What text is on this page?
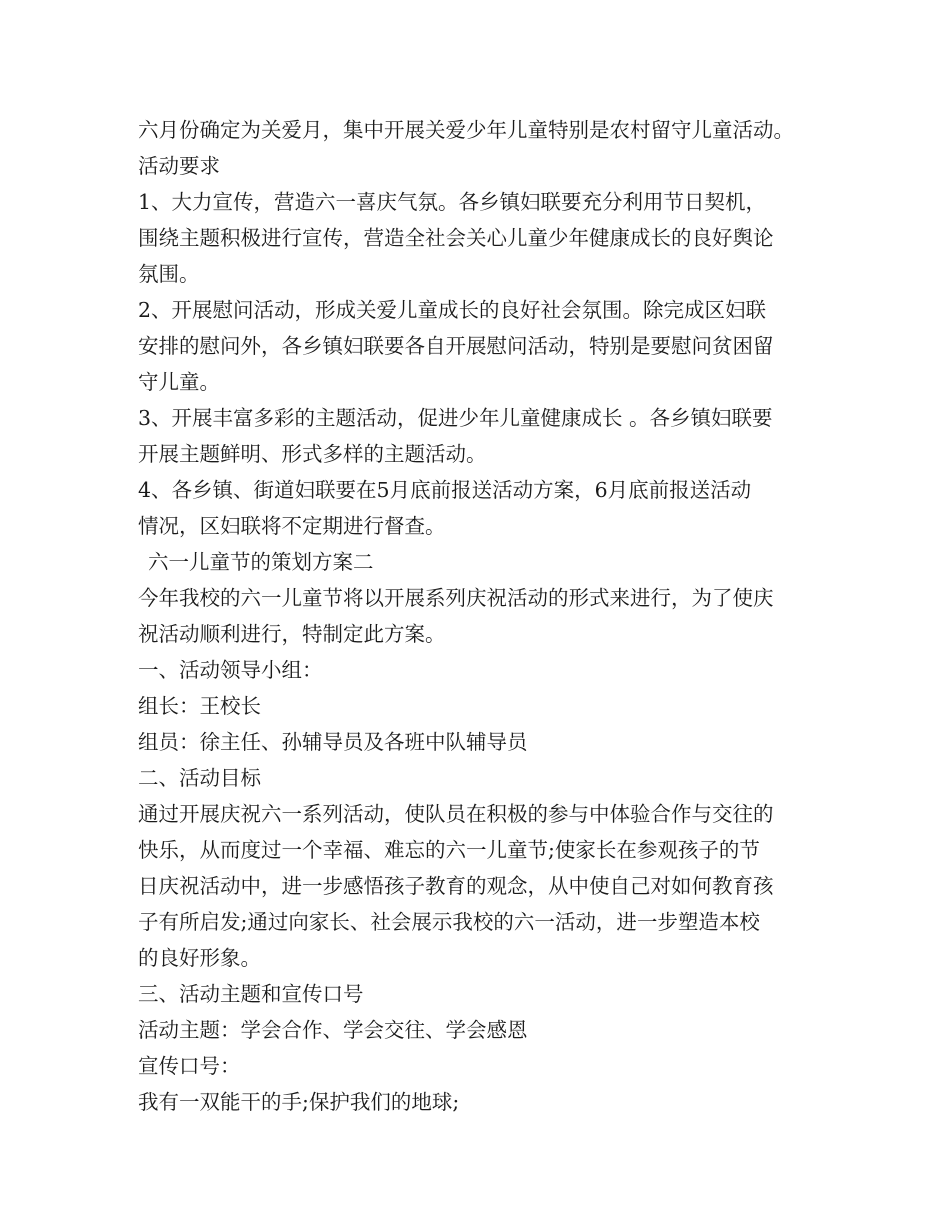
六月份确定为关爱月，集中开展关爱少年儿童特别是农村留守儿童活动。
活动要求
1、大力宣传，营造六一喜庆气氛。各乡镇妇联要充分利用节日契机，
围绕主题积极进行宣传，营造全社会关心儿童少年健康成长的良好舆论
氛围。
2、开展慰问活动，形成关爱儿童成长的良好社会氛围。除完成区妇联
安排的慰问外，各乡镇妇联要各自开展慰问活动，特别是要慰问贫困留
守儿童。
3、开展丰富多彩的主题活动，促进少年儿童健康成长 。各乡镇妇联要
开展主题鲜明、形式多样的主题活动。
4、各乡镇、街道妇联要在5月底前报送活动方案，6月底前报送活动
情况，区妇联将不定期进行督查。
六一儿童节的策划方案二
今年我校的六一儿童节将以开展系列庆祝活动的形式来进行，为了使庆
祝活动顺利进行，特制定此方案。
一、活动领导小组：
组长：王校长
组员：徐主任、孙辅导员及各班中队辅导员
二、活动目标
通过开展庆祝六一系列活动，使队员在积极的参与中体验合作与交往的
快乐，从而度过一个幸福、难忘的六一儿童节;使家长在参观孩子的节
日庆祝活动中，进一步感悟孩子教育的观念，从中使自己对如何教育孩
子有所启发;通过向家长、社会展示我校的六一活动，进一步塑造本校
的良好形象。
三、活动主题和宣传口号
活动主题：学会合作、学会交往、学会感恩
宣传口号：
我有一双能干的手;保护我们的地球;
